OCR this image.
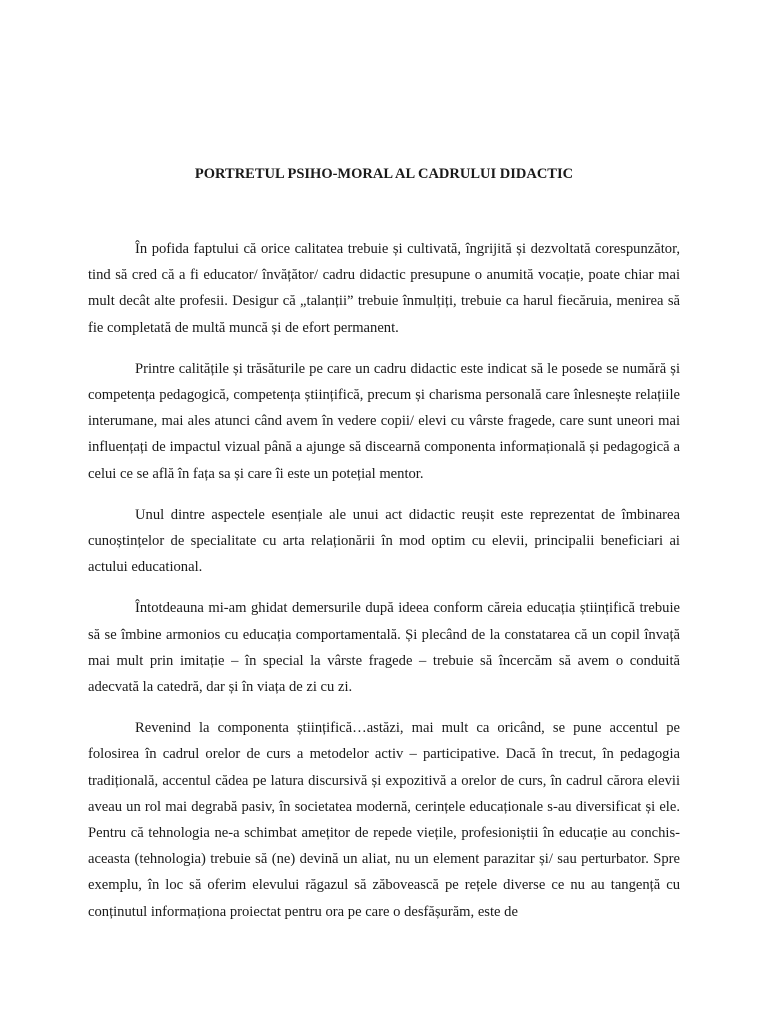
PORTRETUL PSIHO-MORAL AL CADRULUI DIDACTIC

În pofida faptului că orice calitatea trebuie și cultivată, îngrijită și dezvoltată corespunzător, tind să cred că a fi educator/ învățător/ cadru didactic presupune o anumită vocație, poate chiar mai mult decât alte profesii. Desigur că „talanții” trebuie înmulțiți, trebuie ca harul fiecăruia, menirea să fie completată de multă muncă și de efort permanent.

Printre calitățile și trăsăturile pe care un cadru didactic este indicat să le posede se numără și competența pedagogică, competența științifică, precum și charisma personală care înlesnește relațiile interumane, mai ales atunci când avem în vedere copii/ elevi cu vârste fragede, care sunt uneori mai influențați de impactul vizual până a ajunge să discearnă componenta informațională și pedagogică a celui ce se află în fața sa și care îi este un potețial mentor.

Unul dintre aspectele esențiale ale unui act didactic reușit este reprezentat de îmbinarea cunoștințelor de specialitate cu arta relaționării în mod optim cu elevii, principalii beneficiari ai actului educational.

Întotdeauna mi-am ghidat demersurile după ideea conform căreia educația științifică trebuie să se îmbine armonios cu educația comportamentală. Și plecând de la constatarea că un copil învață mai mult prin imitație – în special la vârste fragede – trebuie să încercăm să avem o conduită adecvată la catedră, dar și în viața de zi cu zi.

Revenind la componenta științifică…astăzi, mai mult ca oricând, se pune accentul pe folosirea în cadrul orelor de curs a metodelor activ – participative. Dacă în trecut, în pedagogia tradițională, accentul cădea pe latura discursivă și expozitivă a orelor de curs, în cadrul cărora elevii aveau un rol mai degrabă pasiv, în societatea modernă, cerințele educaționale s-au diversificat și ele. Pentru că tehnologia ne-a schimbat amețitor de repede viețile, profesioniștii în educație au conchis-aceasta (tehnologia) trebuie să (ne) devină un aliat, nu un element parazitar și/ sau perturbator. Spre exemplu, în loc să oferim elevului răgazul să zăbovească pe rețele diverse ce nu au tangență cu conținutul informaționa proiectat pentru ora pe care o desfășurăm, este de
